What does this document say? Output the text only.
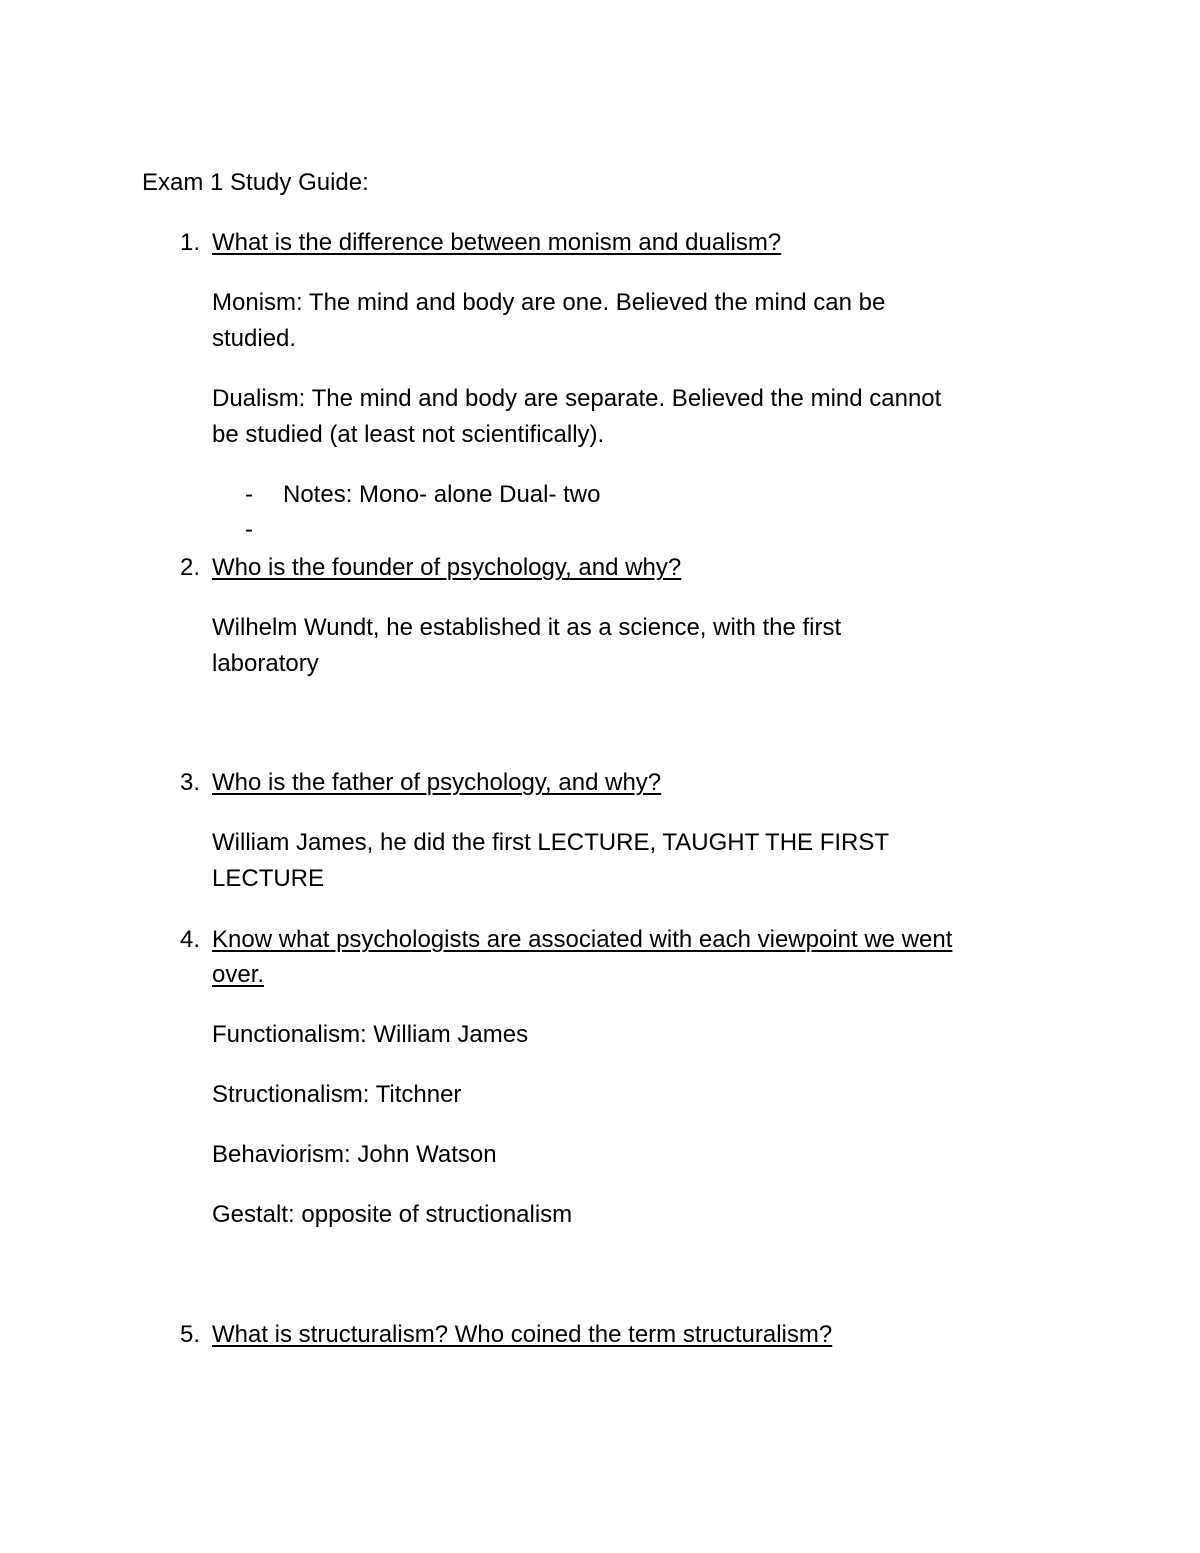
Exam 1 Study Guide:
1. What is the difference between monism and dualism?
Monism: The mind and body are one. Believed the mind can be
studied.
Dualism: The mind and body are separate. Believed the mind cannot
be studied (at least not scientifically).
- Notes: Mono- alone Dual- two
-
2. Who is the founder of psychology, and why?
Wilhelm Wundt, he established it as a science, with the first
laboratory
3. Who is the father of psychology, and why?
William James, he did the first LECTURE, TAUGHT THE FIRST
LECTURE
4. Know what psychologists are associated with each viewpoint we went
over.
Functionalism: William James
Structionalism: Titchner
Behaviorism: John Watson
Gestalt: opposite of structionalism
5. What is structuralism? Who coined the term structuralism?
